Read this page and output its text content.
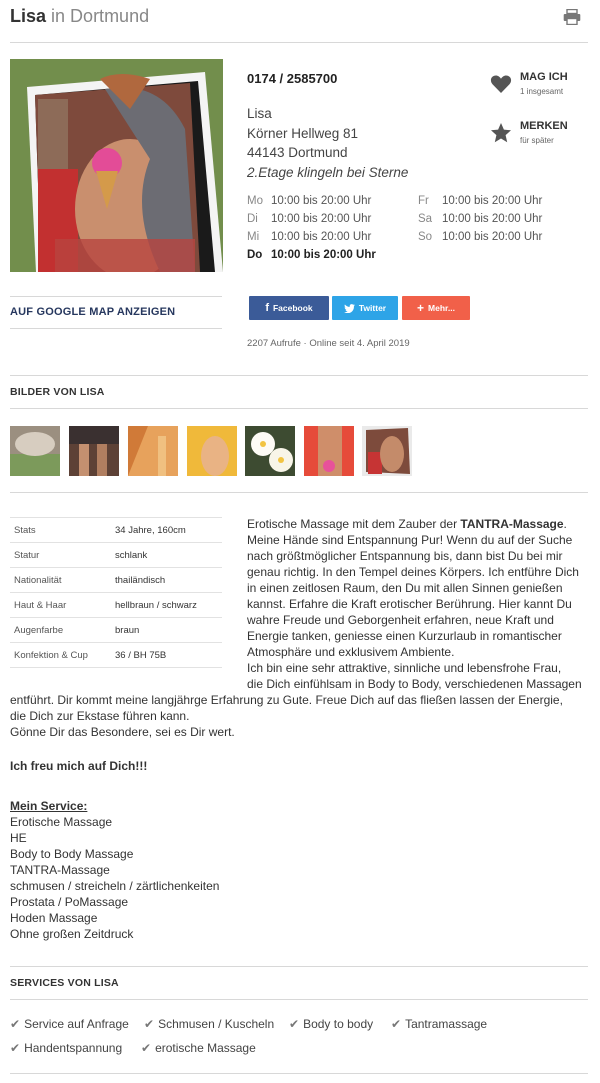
Lisa in Dortmund
0174 / 2585700
Lisa
Körner Hellweg 81
44143 Dortmund
2.Etage klingeln bei Sterne
MAG ICH
1 insgesamt
MERKEN
für später
Mo 10:00 bis 20:00 Uhr
Di 10:00 bis 20:00 Uhr
Mi 10:00 bis 20:00 Uhr
Do 10:00 bis 20:00 Uhr
Fr 10:00 bis 20:00 Uhr
Sa 10:00 bis 20:00 Uhr
So 10:00 bis 20:00 Uhr
AUF GOOGLE MAP ANZEIGEN	f Facebook	Twitter	+ Mehr...
2207 Aufrufe · Online seit 4. April 2019
BILDER VON LISA
Stats	34 Jahre, 160cm
Statur	schlank
Nationalität	thailändisch
Haut & Haar	hellbraun / schwarz
Augenfarbe	braun
Konfektion & Cup	36 / BH 75B
Erotische Massage mit dem Zauber der TANTRA-Massage.
Meine Hände sind Entspannung Pur! Wenn du auf der Suche
nach größtmöglicher Entspannung bis, dann bist Du bei mir
genau richtig. In den Tempel deines Körpers. Ich entführe Dich
in einen zeitlosen Raum, den Du mit allen Sinnen genießen
kannst. Erfahre die Kraft erotischer Berührung. Hier kannt Du
wahre Freude und Geborgenheit erfahren, neue Kraft und
Energie tanken, geniesse einen Kurzurlaub in romantischer
Atmosphäre und exklusivem Ambiente.
Ich bin eine sehr attraktive, sinnliche und lebensfrohe Frau,
die Dich einfühlsam in Body to Body, verschiedenen Massagen
entführt. Dir kommt meine langjährge Erfahrung zu Gute. Freue Dich auf das fließen lassen der Energie,
die Dich zur Ekstase führen kann.
Gönne Dir das Besondere, sei es Dir wert.
Ich freu mich auf Dich!!!
Mein Service:
Erotische Massage
HE
Body to Body Massage
TANTRA-Massage
schmusen / streicheln / zärtlichenkeiten
Prostata / PoMassage
Hoden Massage
Ohne großen Zeitdruck
SERVICES VON LISA
✔ Service auf Anfrage ✔ Schmusen / Kuscheln ✔ Body to body ✔ Tantramassage
✔ Handentspannung ✔ erotische Massage
